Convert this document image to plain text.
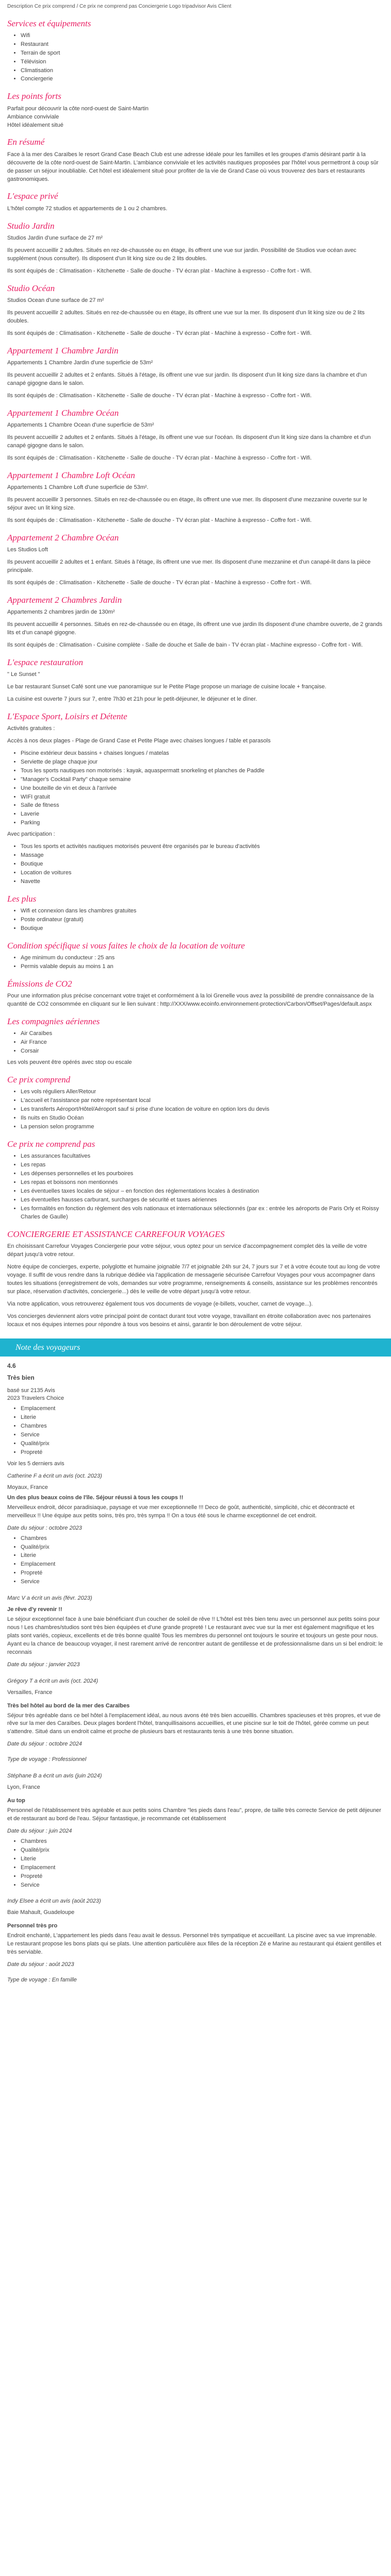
Description Ce prix comprend / Ce prix ne comprend pas Conciergerie Logo tripadvisor Avis Client

Services et équipements
• Wifi
• Restaurant
• Terrain de sport
• Télévision
• Climatisation
• Conciergerie
Les points forts
Parfait pour découvrir la côte nord-ouest de Saint-Martin
Ambiance conviviale
Hôtel idéalement situé
En résumé

Face à la mer des Caraïbes le resort Grand Case Beach Club est une adresse idéale pour les familles et les groupes d'amis désirant partir à la découverte de la côte nord-ouest de Saint-Martin. L'ambiance conviviale et les activités nautiques proposées par l'hôtel vous permettront à coup sûr de passer un séjour inoubliable. Cet hôtel est idéalement situé pour profiter de la vie de Grand Case où vous trouverez des bars et restaurants gastronomiques.

L'espace privé

L'hôtel compte 72 studios et appartements de 1 ou 2 chambres.

Studio Jardin

Studios Jardin d'une surface de 27 m²

Ils peuvent accueillir 2 adultes. Situés en rez-de-chaussée ou en étage, ils offrent une vue sur jardin. Possibilité de Studios vue océan avec supplément (nous consulter). Ils disposent d'un lit king size ou de 2 lits doubles.

Ils sont équipés de : Climatisation - Kitchenette - Salle de douche - TV écran plat - Machine à expresso - Coffre fort - Wifi.

Studio Océan

Studios Ocean d'une surface de 27 m²

Ils peuvent accueillir 2 adultes. Situés en rez-de-chaussée ou en étage, ils offrent une vue sur la mer. Ils disposent d'un lit king size ou de 2 lits doubles.

Ils sont équipés de : Climatisation - Kitchenette - Salle de douche - TV écran plat - Machine à expresso - Coffre fort - Wifi.

Appartement 1 Chambre Jardin

Appartements 1 Chambre Jardin d'une superficie de 53m²

Ils peuvent accueillir 2 adultes et 2 enfants. Situés à l'étage, ils offrent une vue sur jardin. Ils disposent d'un lit king size dans la chambre et d'un canapé gigogne dans le salon.

Ils sont équipés de : Climatisation - Kitchenette - Salle de douche - TV écran plat - Machine à expresso - Coffre fort - Wifi.

Appartement 1 Chambre Océan

Appartements 1 Chambre Ocean d'une superficie de 53m²

Ils peuvent accueillir 2 adultes et 2 enfants. Situés à l'étage, ils offrent une vue sur l'océan. Ils disposent d'un lit king size dans la chambre et d'un canapé gigogne dans le salon.

Ils sont équipés de : Climatisation - Kitchenette - Salle de douche - TV écran plat - Machine à expresso - Coffre fort - Wifi.

Appartement 1 Chambre Loft Océan

Appartements 1 Chambre Loft d'une superficie de 53m².

Ils peuvent accueillir 3 personnes. Situés en rez-de-chaussée ou en étage, ils offrent une vue mer. Ils disposent d'une mezzanine ouverte sur le séjour avec un lit king size.

Ils sont équipés de : Climatisation - Kitchenette - Salle de douche - TV écran plat - Machine à expresso - Coffre fort - Wifi.

Appartement 2 Chambre Océan

Les Studios Loft

Ils peuvent accueillir 2 adultes et 1 enfant. Situés à l'étage, ils offrent une vue mer. Ils disposent d'une mezzanine et d'un canapé-lit dans la pièce principale.

Ils sont équipés de : Climatisation - Kitchenette - Salle de douche - TV écran plat - Machine à expresso - Coffre fort - Wifi.

Appartement 2 Chambres Jardin

Appartements 2 chambres jardin de 130m²

Ils peuvent accueillir 4 personnes. Situés en rez-de-chaussée ou en étage, ils offrent une vue jardin Ils disposent d'une chambre ouverte, de 2 grands lits et d'un canapé gigogne.

Ils sont équipés de : Climatisation - Cuisine complète - Salle de douche et Salle de bain - TV écran plat - Machine expresso - Coffre fort - Wifi.

L'espace restauration

" Le Sunset "

Le bar restaurant Sunset Café sont une vue panoramique sur le Petite Plage propose un mariage de cuisine locale + française.

La cuisine est ouverte 7 jours sur 7, entre 7h30 et 21h pour le petit-déjeuner, le déjeuner et le dîner.

L'Espace Sport, Loisirs et Détente

Activités gratuites :

Accès à nos deux plages - Plage de Grand Case et Petite Plage avec chaises longues / table et parasols

• Piscine extérieur deux bassins + chaises longues / matelas
• Serviette de plage chaque jour
• Tous les sports nautiques non motorisés : kayak, aquaspermatt snorkeling et planches de Paddle
• "Manager's Cocktail Party" chaque semaine
• Une bouteille de vin et deux à l'arrivée
• WIFI gratuit
• Salle de fitness
• Laverie
• Parking

Avec participation :

• Tous les sports et activités nautiques motorisés peuvent être organisés par le bureau d'activités
• Massage
• Boutique
• Location de voitures
• Navette
Les plus
• Wifi et connexion dans les chambres gratuites
• Poste ordinateur (gratuit)
• Boutique
Condition spécifique si vous faites le choix de la location de voiture
• Age minimum du conducteur : 25 ans
• Permis valable depuis au moins 1 an
Émissions de CO2

Pour une information plus précise concernant votre trajet et conformément à la loi Grenelle vous avez la possibilité de prendre connaissance de la quantité de CO2 consommée en cliquant sur le lien suivant : http://XXX/www.ecoinfo.environnement-protection/Carbon/Offset/Pages/default.aspx

Les compagnies aériennes
• Air Caraïbes
• Air France
• Corsair

Les vols peuvent être opérés avec stop ou escale

Ce prix comprend
• Les vols réguliers Aller/Retour
• L'accueil et l'assistance par notre représentant local
• Les transferts Aéroport/Hôtel/Aéroport sauf si prise d'une location de voiture en option lors du devis
• Ils nuits en Studio Océan
• La pension selon programme
Ce prix ne comprend pas
• Les assurances facultatives
• Les repas
• Les dépenses personnelles et les pourboires
• Les repas et boissons non mentionnés
• Les éventuelles taxes locales de séjour – en fonction des réglementations locales à destination
• Les éventuelles hausses carburant, surcharges de sécurité et taxes aériennes
• Les formalités en fonction du règlement des vols nationaux et internationaux sélectionnés (par ex : entrée les aéroports de Paris Orly et Roissy Charles de Gaulle)
CONCIERGERIE ET ASSISTANCE CARREFOUR VOYAGES

En choisissant Carrefour Voyages Conciergerie pour votre séjour, vous optez pour un service d'accompagnement complet dès la veille de votre départ jusqu'à votre retour.

Notre équipe de concierges, experte, polyglotte et humaine joignable 7/7 et joignable 24h sur 24, 7 jours sur 7 et à votre écoute tout au long de votre voyage. Il suffit de vous rendre dans la rubrique dédiée via l'application de messagerie sécurisée Carrefour Voyages pour vous accompagner dans toutes les situations (enregistrement de vols, demandes sur votre programme, renseignements & conseils, assistance sur les problèmes rencontrés sur place, réservation d'activités, conciergerie...) dès le veille de votre départ jusqu'à votre retour.

Via notre application, vous retrouverez également tous vos documents de voyage (e-billets, voucher, carnet de voyage...).

Vos concierges deviennent alors votre principal point de contact durant tout votre voyage, travaillant en étroite collaboration avec nos partenaires locaux et nos équipes internes pour répondre à tous vos besoins et ainsi, garantir le bon déroulement de votre séjour.

Note des voyageurs
4.6
Très bien
basé sur 2135 Avis
2023 Travelers Choice
• Emplacement
• Literie
• Chambres
• Service
• Qualité/prix
• Propreté

Voir les 5 derniers avis

Catherine F a écrit un avis (oct. 2023)
Moyaux, France
Un des plus beaux coins de l'île. Séjour réussi à tous les coups !!

Merveilleux endroit, décor paradisiaque, paysage et vue mer exceptionnelle !!! Deco de goût, authenticité, simplicité, chic et décontracté et merveilleux !! Une équipe aux petits soins, très pro, très sympa !! On a tous été sous le charme exceptionnel de cet endroit.

Date du séjour : octobre 2023
• Chambres
• Qualité/prix
• Literie
• Emplacement
• Propreté
• Service
Marc V a écrit un avis (févr. 2023)
Je rêve d'y revenir !!

Le séjour exceptionnel face à une baie bénéficiant d'un coucher de soleil de rêve !! L'hôtel est très bien tenu avec un personnel aux petits soins pour nous ! Les chambres/studios sont très bien équipées et d'une grande propreté ! Le restaurant avec vue sur la mer est également magnifique et les plats sont variés, copieux, excellents et de très bonne qualité Tous les membres du personnel ont toujours le sourire et toujours un geste pour nous. Ayant eu la chance de beaucoup voyager, il nest rarement arrivé de rencontrer autant de gentillesse et de professionnalisme dans un si bel endroit: le reconnais

Date du séjour : janvier 2023
Grégory T a écrit un avis (oct. 2024)
Versailles, France
Très bel hôtel au bord de la mer des Caraïbes

Séjour très agréable dans ce bel hôtel à l'emplacement idéal, au nous avons été très bien accueillis. Chambres spacieuses et très propres, et vue de rêve sur la mer des Caraïbes. Deux plages bordent l'hôtel, tranquillisaisons accueillies, et une piscine sur le toit de l'hôtel, gérée comme un peut s'attendre. Situé dans un endroit calme et proche de plusieurs bars et restaurants tenis à une très bonne situation.

Date du séjour : octobre 2024
Type de voyage : Professionnel
Stéphane B a écrit un avis (juin 2024)
Lyon, France
Au top

Personnel de l'établissement très agréable et aux petits soins Chambre "les pieds dans l'eau", propre, de taille très correcte Service de petit déjeuner et de restaurant au bord de l'eau. Séjour fantastique, je recommande cet établissement

Date du séjour : juin 2024
• Chambres
• Qualité/prix
• Literie
• Emplacement
• Propreté
• Service
Indy Elsee a écrit un avis (août 2023)
Baie Mahault, Guadeloupe
Personnel très pro

Endroit enchanté, L'appartement les pieds dans l'eau avait le dessus. Personnel très sympatique et accueillant. La piscine avec sa vue imprenable. Le restaurant propose les bons plats qui se plats. Une attention particulière aux filles de la réception Zé e Marine au restaurant qui étaient gentilles et très serviable.

Date du séjour : août 2023
Type de voyage : En famille
